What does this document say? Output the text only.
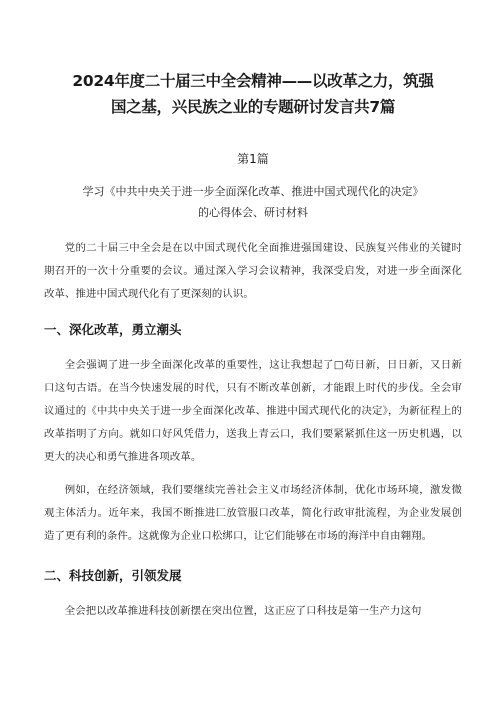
2024年度二十届三中全会精神——以改革之力，筑强
国之基，兴民族之业的专题研讨发言共7篇
第1篇
学习《中共中央关于进一步全面深化改革、推进中国式现代化的决定》
的心得体会、研讨材料

党的二十届三中全会是在以中国式现代化全面推进强国建设、民族复兴伟业的关键时期召开的一次十分重要的会议。通过深入学习会议精神，我深受启发，对进一步全面深化改革、推进中国式现代化有了更深刻的认识。

一、深化改革，勇立潮头

全会强调了进一步全面深化改革的重要性，这让我想起了□苟日新，日日新，又日新口这句古语。在当今快速发展的时代，只有不断改革创新，才能跟上时代的步伐。全会审议通过的《中共中央关于进一步全面深化改革、推进中国式现代化的决定》，为新征程上的改革指明了方向。就如口好风凭借力，送我上青云口，我们要紧紧抓住这一历史机遇，以更大的决心和勇气推进各项改革。

例如，在经济领域，我们要继续完善社会主义市场经济体制，优化市场环境，激发微观主体活力。近年来，我国不断推进匚放管服口改革，简化行政审批流程，为企业发展创造了更有利的条件。这就像为企业口松绑口，让它们能够在市场的海洋中自由翱翔。

二、科技创新，引领发展

全会把以改革推进科技创新摆在突出位置，这正应了口科技是第一生产力这句
